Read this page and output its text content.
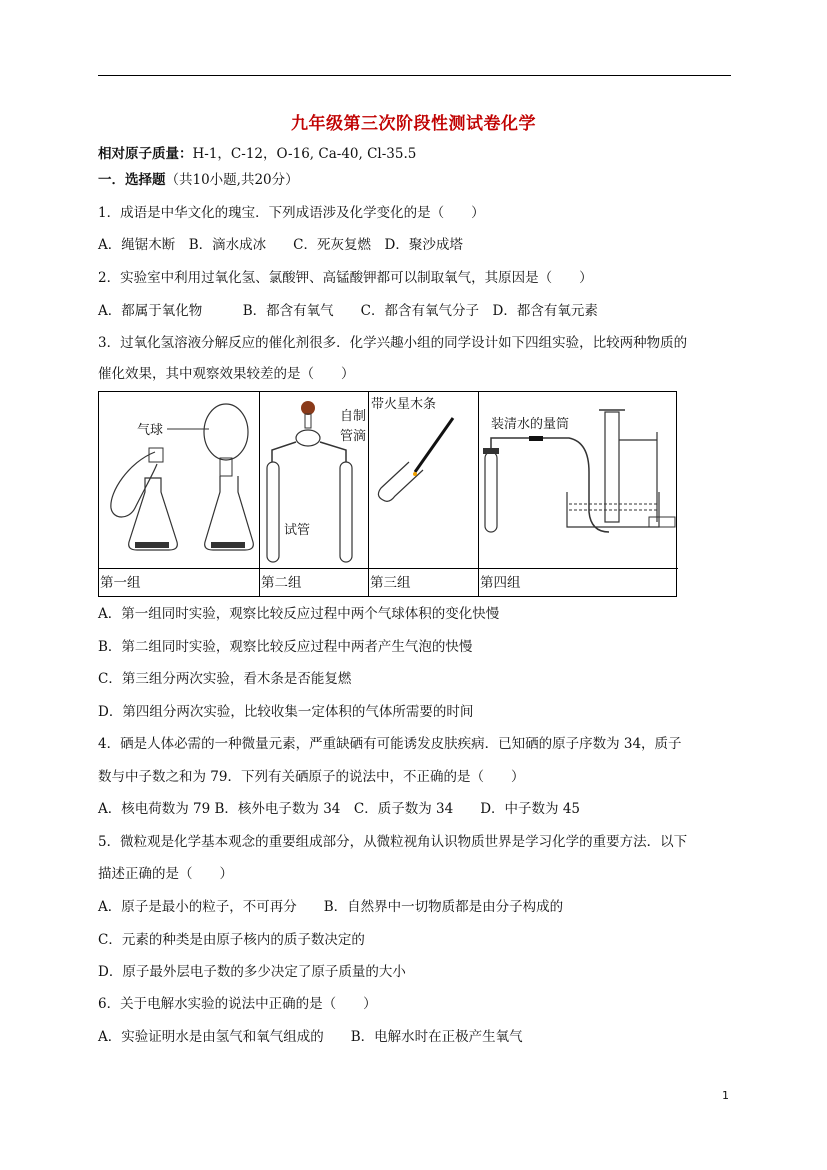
九年级第三次阶段性测试卷化学
相对原子质量：H-1，C-12，O-16, Ca-40, Cl-35.5
一．选择题（共10小题,共20分）
1．成语是中华文化的瑰宝．下列成语涉及化学变化的是（　　）
A．绳锯木断　B．滴水成冰　　C．死灰复燃　D．聚沙成塔
2．实验室中利用过氧化氢、氯酸钾、高锰酸钾都可以制取氧气，其原因是（　　）
A．都属于氧化物　　　B．都含有氧气　　C．都含有氧气分子　D．都含有氧元素
3．过氧化氢溶液分解反应的催化剂很多．化学兴趣小组的同学设计如下四组实验，比较两种物质的
催化效果，其中观察效果较差的是（　　）
气球
第一组
自制
管滴
试管
第二组
带火星木条
第三组
装清水的量筒
第四组
A．第一组同时实验，观察比较反应过程中两个气球体积的变化快慢
B．第二组同时实验，观察比较反应过程中两者产生气泡的快慢
C．第三组分两次实验，看木条是否能复燃
D．第四组分两次实验，比较收集一定体积的气体所需要的时间
4．硒是人体必需的一种微量元素，严重缺硒有可能诱发皮肤疾病．已知硒的原子序数为 34，质子
数与中子数之和为 79．下列有关硒原子的说法中，不正确的是（　　）
A．核电荷数为 79 B．核外电子数为 34　C．质子数为 34　　D．中子数为 45
5．微粒观是化学基本观念的重要组成部分，从微粒视角认识物质世界是学习化学的重要方法．以下
描述正确的是（　　）
A．原子是最小的粒子，不可再分　　B．自然界中一切物质都是由分子构成的
C．元素的种类是由原子核内的质子数决定的
D．原子最外层电子数的多少决定了原子质量的大小
6．关于电解水实验的说法中正确的是（　　）
A．实验证明水是由氢气和氧气组成的　　B．电解水时在正极产生氧气
1
